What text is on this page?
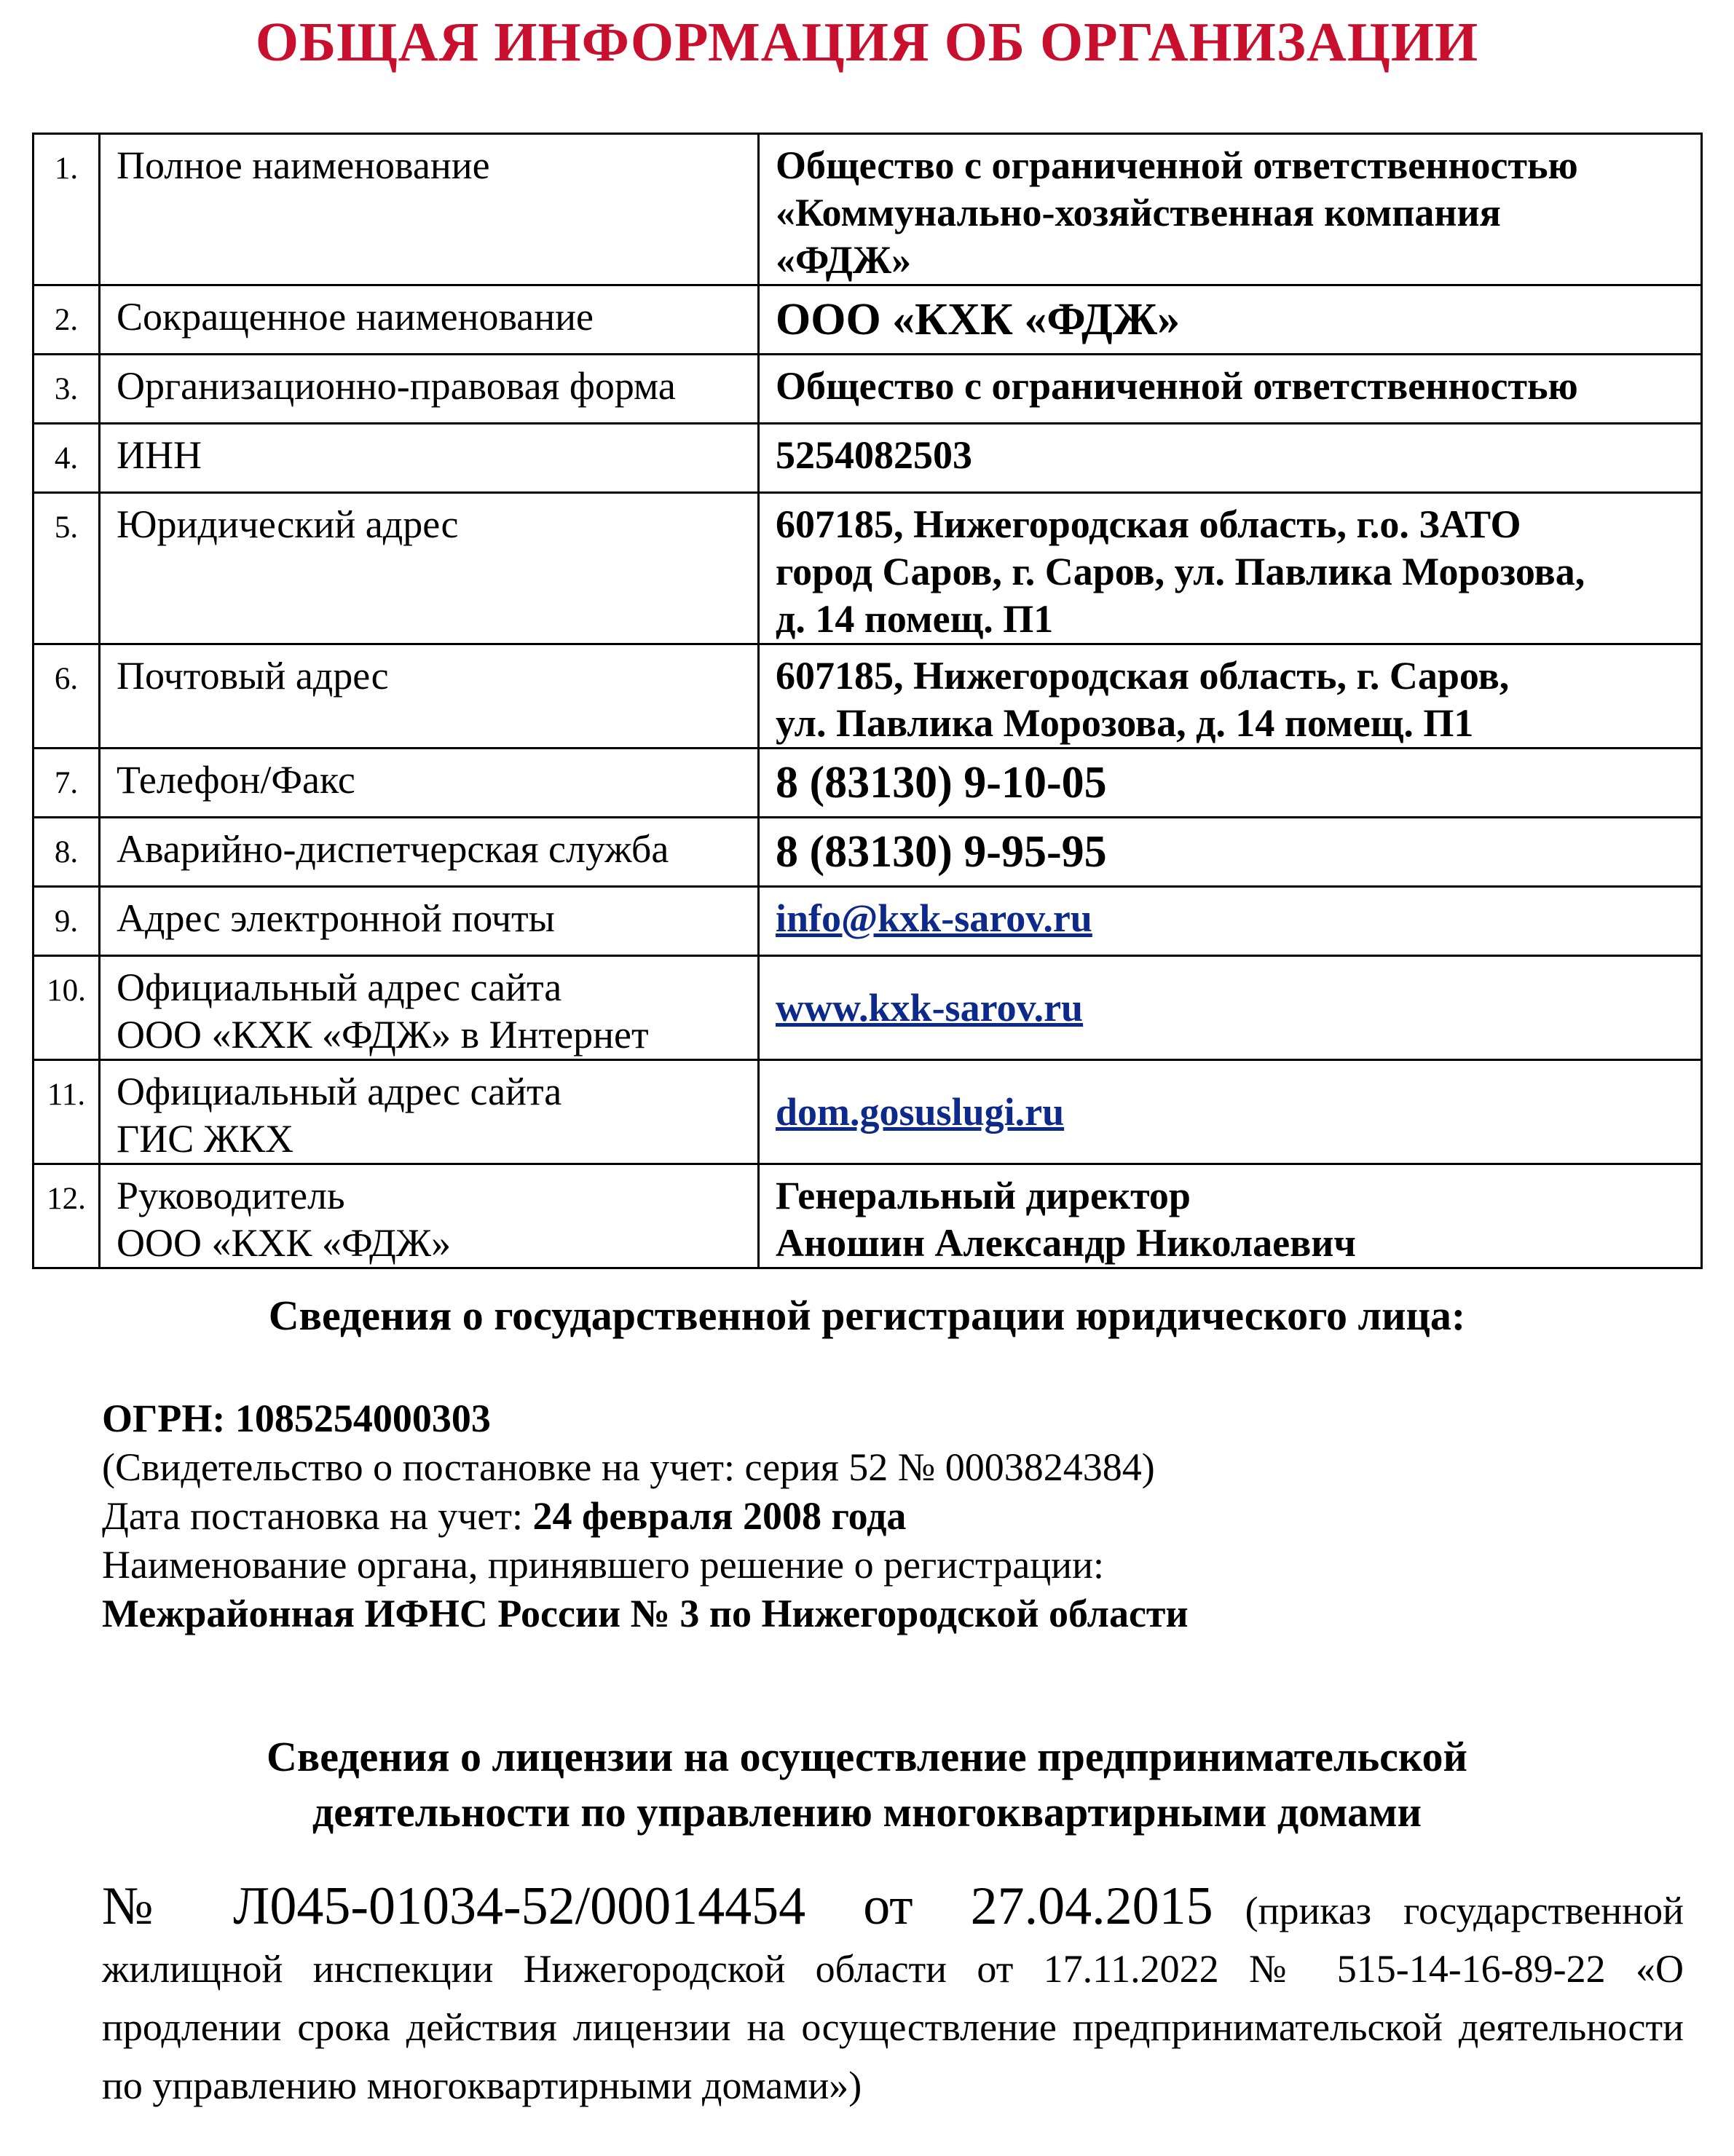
ОБЩАЯ ИНФОРМАЦИЯ ОБ ОРГАНИЗАЦИИ
1.	Полное наименование	Общество с ограниченной ответственностью
«Коммунально-хозяйственная компания
«ФДЖ»
2.	Сокращенное наименование	ООО «КХК «ФДЖ»
3.	Организационно-правовая форма	Общество с ограниченной ответственностью
4.	ИНН	5254082503
5.	Юридический адрес	607185, Нижегородская область, г.о. ЗАТО
город Саров, г. Саров, ул. Павлика Морозова,
д. 14 помещ. П1
6.	Почтовый адрес	607185, Нижегородская область, г. Саров,
ул. Павлика Морозова, д. 14 помещ. П1
7.	Телефон/Факс	8 (83130) 9-10-05
8.	Аварийно-диспетчерская служба	8 (83130) 9-95-95
9.	Адрес электронной почты	info@kxk-sarov.ru
10.	Официальный адрес сайта
ООО «КХК «ФДЖ» в Интернет	www.kxk-sarov.ru
11.	Официальный адрес сайта
ГИС ЖКХ	dom.gosuslugi.ru
12.	Руководитель
ООО «КХК «ФДЖ»	Генеральный директор
Аношин Александр Николаевич
Сведения о государственной регистрации юридического лица:
ОГРН: 1085254000303
(Свидетельство о постановке на учет: серия 52 № 0003824384)
Дата постановка на учет: 24 февраля 2008 года
Наименование органа, принявшего решение о регистрации:
Межрайонная ИФНС России № 3 по Нижегородской области
Сведения о лицензии на осуществление предпринимательской
деятельности по управлению многоквартирными домами
№ Л045-01034-52/00014454 от 27.04.2015 (приказ государственной жилищной инспекции Нижегородской области от 17.11.2022 № 515-14-16-89-22 «О продлении срока действия лицензии на осуществление предпринимательской деятельности по управлению многоквартирными домами»)
